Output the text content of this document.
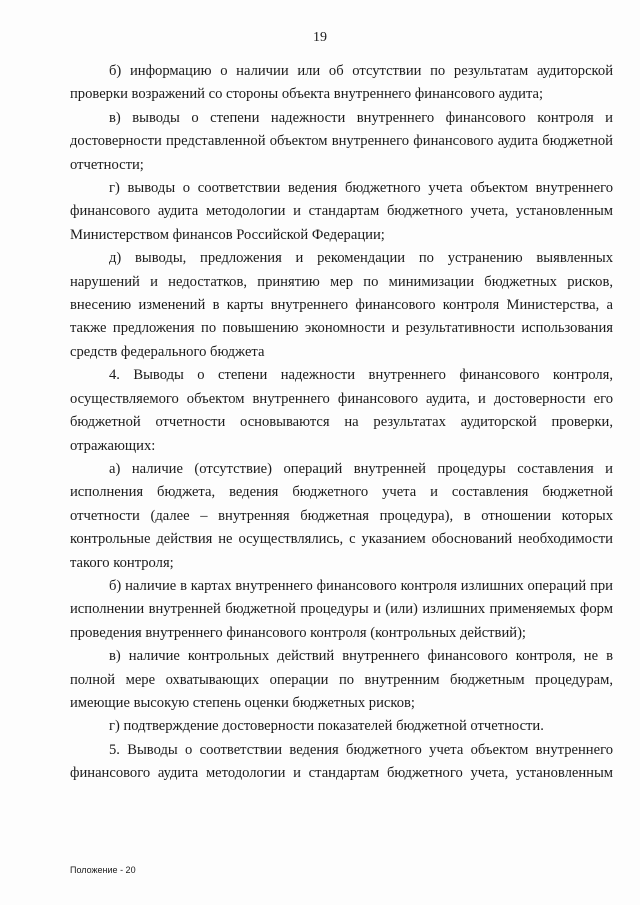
19

б) информацию о наличии или об отсутствии по результатам аудиторской проверки возражений со стороны объекта внутреннего финансового аудита;

в) выводы о степени надежности внутреннего финансового контроля и достоверности представленной объектом внутреннего финансового аудита бюджетной отчетности;

г) выводы о соответствии ведения бюджетного учета объектом внутреннего финансового аудита методологии и стандартам бюджетного учета, установленным Министерством финансов Российской Федерации;

д) выводы, предложения и рекомендации по устранению выявленных нарушений и недостатков, принятию мер по минимизации бюджетных рисков, внесению изменений в карты внутреннего финансового контроля Министерства, а также предложения по повышению экономности и результативности использования средств федерального бюджета

4. Выводы о степени надежности внутреннего финансового контроля, осуществляемого объектом внутреннего финансового аудита, и достоверности его бюджетной отчетности основываются на результатах аудиторской проверки, отражающих:

а) наличие (отсутствие) операций внутренней процедуры составления и исполнения бюджета, ведения бюджетного учета и составления бюджетной отчетности (далее – внутренняя бюджетная процедура), в отношении которых контрольные действия не осуществлялись, с указанием обоснований необходимости такого контроля;

б) наличие в картах внутреннего финансового контроля излишних операций при исполнении внутренней бюджетной процедуры и (или) излишних применяемых форм проведения внутреннего финансового контроля (контрольных действий);

в) наличие контрольных действий внутреннего финансового контроля, не в полной мере охватывающих операции по внутренним бюджетным процедурам, имеющие высокую степень оценки бюджетных рисков;

г) подтверждение достоверности показателей бюджетной отчетности.

5. Выводы о соответствии ведения бюджетного учета объектом внутреннего финансового аудита методологии и стандартам бюджетного учета, установленным

Положение - 20
